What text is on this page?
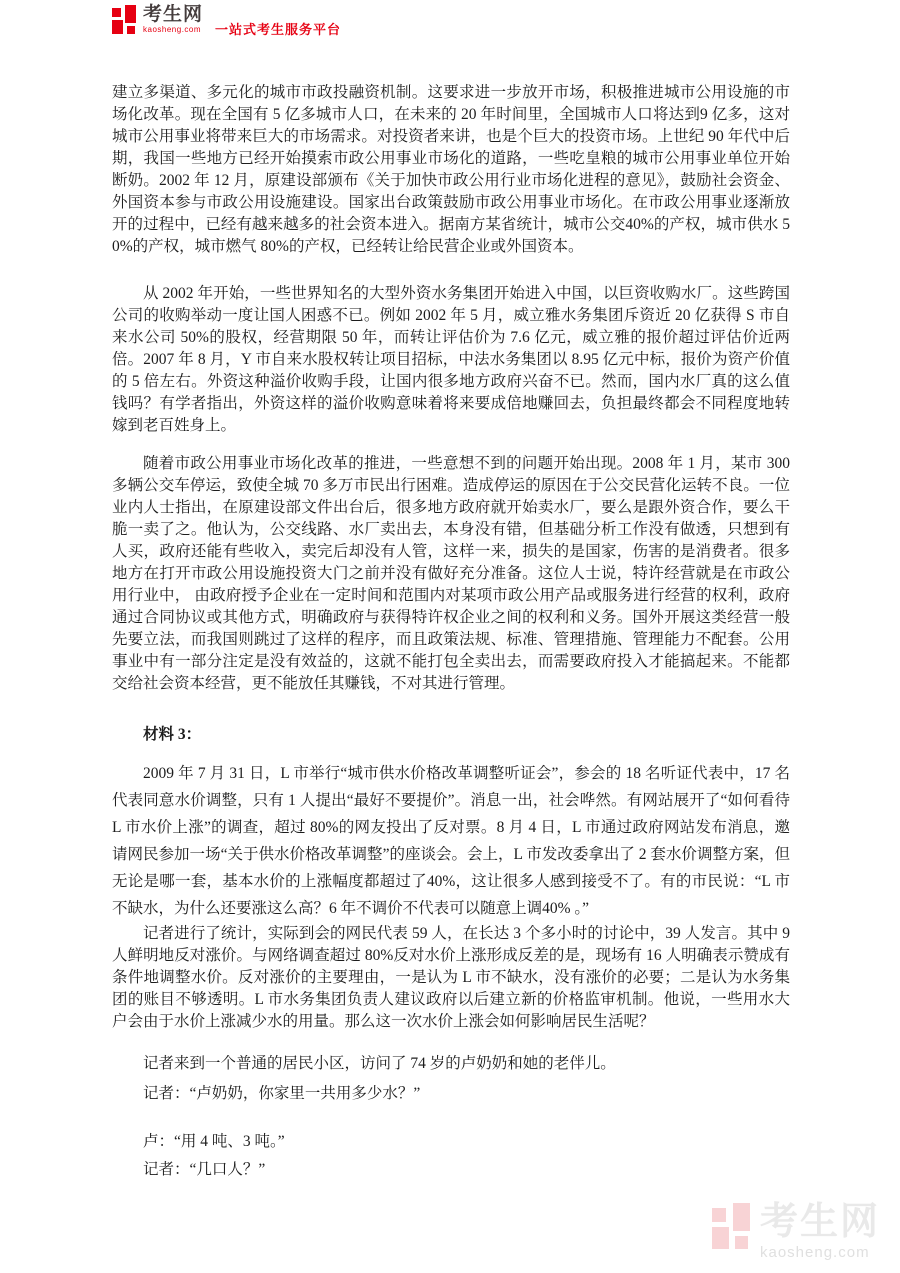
考生网
kaosheng.com 一站式考生服务平台

建立多渠道、多元化的城市市政投融资机制。这要求进一步放开市场，积极推进城市公用设施的市场化改革。现在全国有 5 亿多城市人口，在未来的 20 年时间里，全国城市人口将达到9 亿多，这对城市公用事业将带来巨大的市场需求。对投资者来讲，也是个巨大的投资市场。上世纪 90 年代中后期，我国一些地方已经开始摸索市政公用事业市场化的道路，一些吃皇粮的城市公用事业单位开始断奶。2002 年 12 月，原建设部颁布《关于加快市政公用行业市场化进程的意见》，鼓励社会资金、外国资本参与市政公用设施建设。国家出台政策鼓励市政公用事业市场化。在市政公用事业逐渐放开的过程中，已经有越来越多的社会资本进入。据南方某省统计，城市公交40%的产权，城市供水 50%的产权，城市燃气 80%的产权，已经转让给民营企业或外国资本。

从 2002 年开始，一些世界知名的大型外资水务集团开始进入中国，以巨资收购水厂。这些跨国公司的收购举动一度让国人困惑不已。例如 2002 年 5 月，威立雅水务集团斥资近 20 亿获得 S 市自来水公司 50%的股权，经营期限 50 年，而转让评估价为 7.6 亿元，威立雅的报价超过评估价近两倍。2007 年 8 月，Y 市自来水股权转让项目招标，中法水务集团以 8.95 亿元中标，报价为资产价值的 5 倍左右。外资这种溢价收购手段，让国内很多地方政府兴奋不已。然而，国内水厂真的这么值钱吗？有学者指出，外资这样的溢价收购意味着将来要成倍地赚回去，负担最终都会不同程度地转嫁到老百姓身上。

随着市政公用事业市场化改革的推进，一些意想不到的问题开始出现。2008 年 1 月，某市 300 多辆公交车停运，致使全城 70 多万市民出行困难。造成停运的原因在于公交民营化运转不良。一位业内人士指出，在原建设部文件出台后，很多地方政府就开始卖水厂，要么是跟外资合作，要么干脆一卖了之。他认为，公交线路、水厂卖出去，本身没有错，但基础分析工作没有做透，只想到有人买，政府还能有些收入，卖完后却没有人管，这样一来，损失的是国家，伤害的是消费者。很多地方在打开市政公用设施投资大门之前并没有做好充分准备。这位人士说，特许经营就是在市政公用行业中， 由政府授予企业在一定时间和范围内对某项市政公用产品或服务进行经营的权利，政府通过合同协议或其他方式，明确政府与获得特许权企业之间的权利和义务。国外开展这类经营一般先要立法，而我国则跳过了这样的程序，而且政策法规、标准、管理措施、管理能力不配套。公用事业中有一部分注定是没有效益的，这就不能打包全卖出去，而需要政府投入才能搞起来。不能都交给社会资本经营，更不能放任其赚钱，不对其进行管理。

材料 3：

2009 年 7 月 31 日，L 市举行“城市供水价格改革调整听证会”，参会的 18 名听证代表中，17 名代表同意水价调整，只有 1 人提出“最好不要提价”。消息一出，社会哗然。有网站展开了“如何看待 L 市水价上涨”的调查，超过 80%的网友投出了反对票。8 月 4 日，L 市通过政府网站发布消息，邀请网民参加一场“关于供水价格改革调整”的座谈会。会上，L 市发改委拿出了 2 套水价调整方案，但无论是哪一套，基本水价的上涨幅度都超过了40%，这让很多人感到接受不了。有的市民说：“L 市不缺水，为什么还要涨这么高？6 年不调价不代表可以随意上调40% 。”

记者进行了统计，实际到会的网民代表 59 人，在长达 3 个多小时的讨论中，39 人发言。其中 9 人鲜明地反对涨价。与网络调查超过 80%反对水价上涨形成反差的是，现场有 16 人明确表示赞成有条件地调整水价。反对涨价的主要理由，一是认为 L 市不缺水，没有涨价的必要；二是认为水务集团的账目不够透明。L 市水务集团负责人建议政府以后建立新的价格监审机制。他说，一些用水大户会由于水价上涨减少水的用量。那么这一次水价上涨会如何影响居民生活呢？

记者来到一个普通的居民小区，访问了 74 岁的卢奶奶和她的老伴儿。

记者：“卢奶奶，你家里一共用多少水？”

卢：“用 4 吨、3 吨。”

记者：“几口人？”

考生网
kaosheng.com
